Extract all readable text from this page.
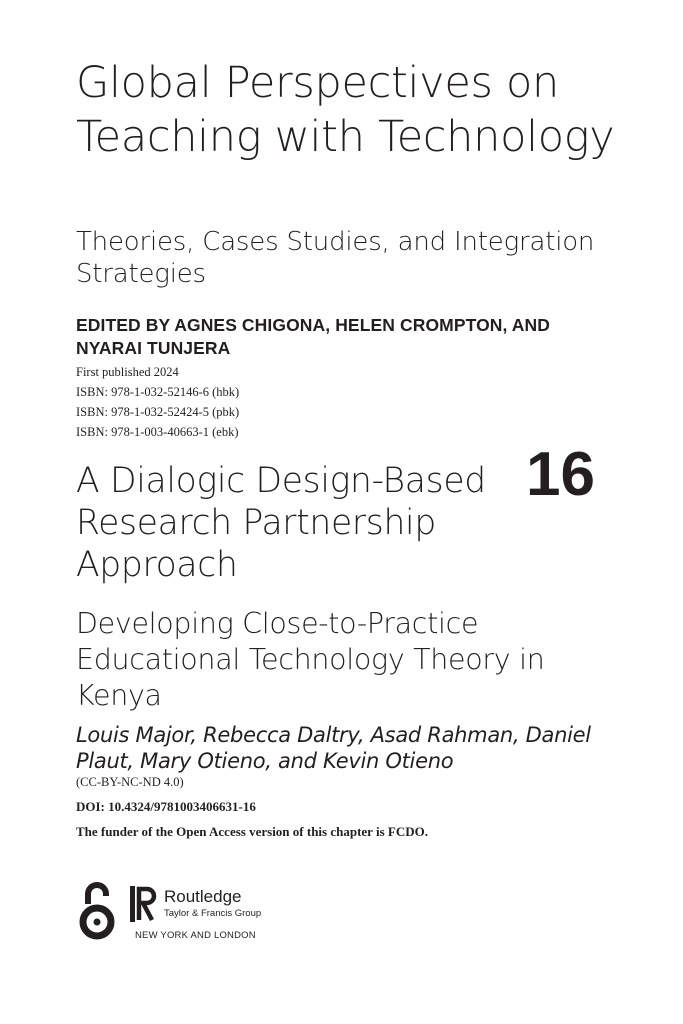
Global Perspectives on Teaching with Technology
Theories, Cases Studies, and Integration Strategies
EDITED BY AGNES CHIGONA, HELEN CROMPTON, AND NYARAI TUNJERA
First published 2024
ISBN: 978-1-032-52146-6 (hbk)
ISBN: 978-1-032-52424-5 (pbk)
ISBN: 978-1-003-40663-1 (ebk)
A Dialogic Design-Based Research Partnership Approach
16
Developing Close-to-Practice Educational Technology Theory in Kenya
Louis Major, Rebecca Daltry, Asad Rahman, Daniel Plaut, Mary Otieno, and Kevin Otieno
(CC-BY-NC-ND 4.0)
DOI: 10.4324/9781003406631-16
The funder of the Open Access version of this chapter is FCDO.
Routledge
Taylor & Francis Group
NEW YORK AND LONDON
